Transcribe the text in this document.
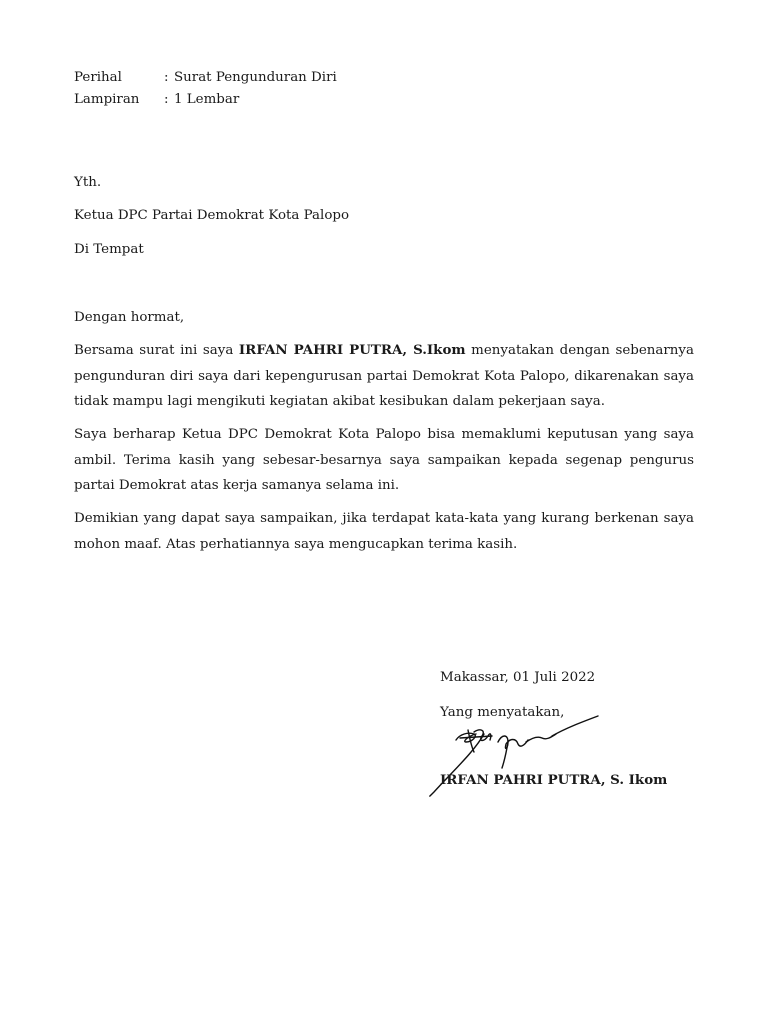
Perihal	: Surat Pengunduran Diri
Lampiran	: 1 Lembar
Yth.
Ketua DPC Partai Demokrat Kota Palopo
Di Tempat
Dengan hormat,
Bersama surat ini saya IRFAN PAHRI PUTRA, S.Ikom menyatakan dengan sebenarnya pengunduran diri saya dari kepengurusan partai Demokrat Kota Palopo, dikarenakan saya tidak mampu lagi mengikuti kegiatan akibat kesibukan dalam pekerjaan saya.
Saya berharap Ketua DPC Demokrat Kota Palopo bisa memaklumi keputusan yang saya ambil. Terima kasih yang sebesar-besarnya saya sampaikan kepada segenap pengurus partai Demokrat atas kerja samanya selama ini.
Demikian yang dapat saya sampaikan, jika terdapat kata-kata yang kurang berkenan saya mohon maaf. Atas perhatiannya saya mengucapkan terima kasih.
Makassar, 01 Juli 2022
Yang menyatakan,
IRFAN PAHRI PUTRA, S. Ikom
